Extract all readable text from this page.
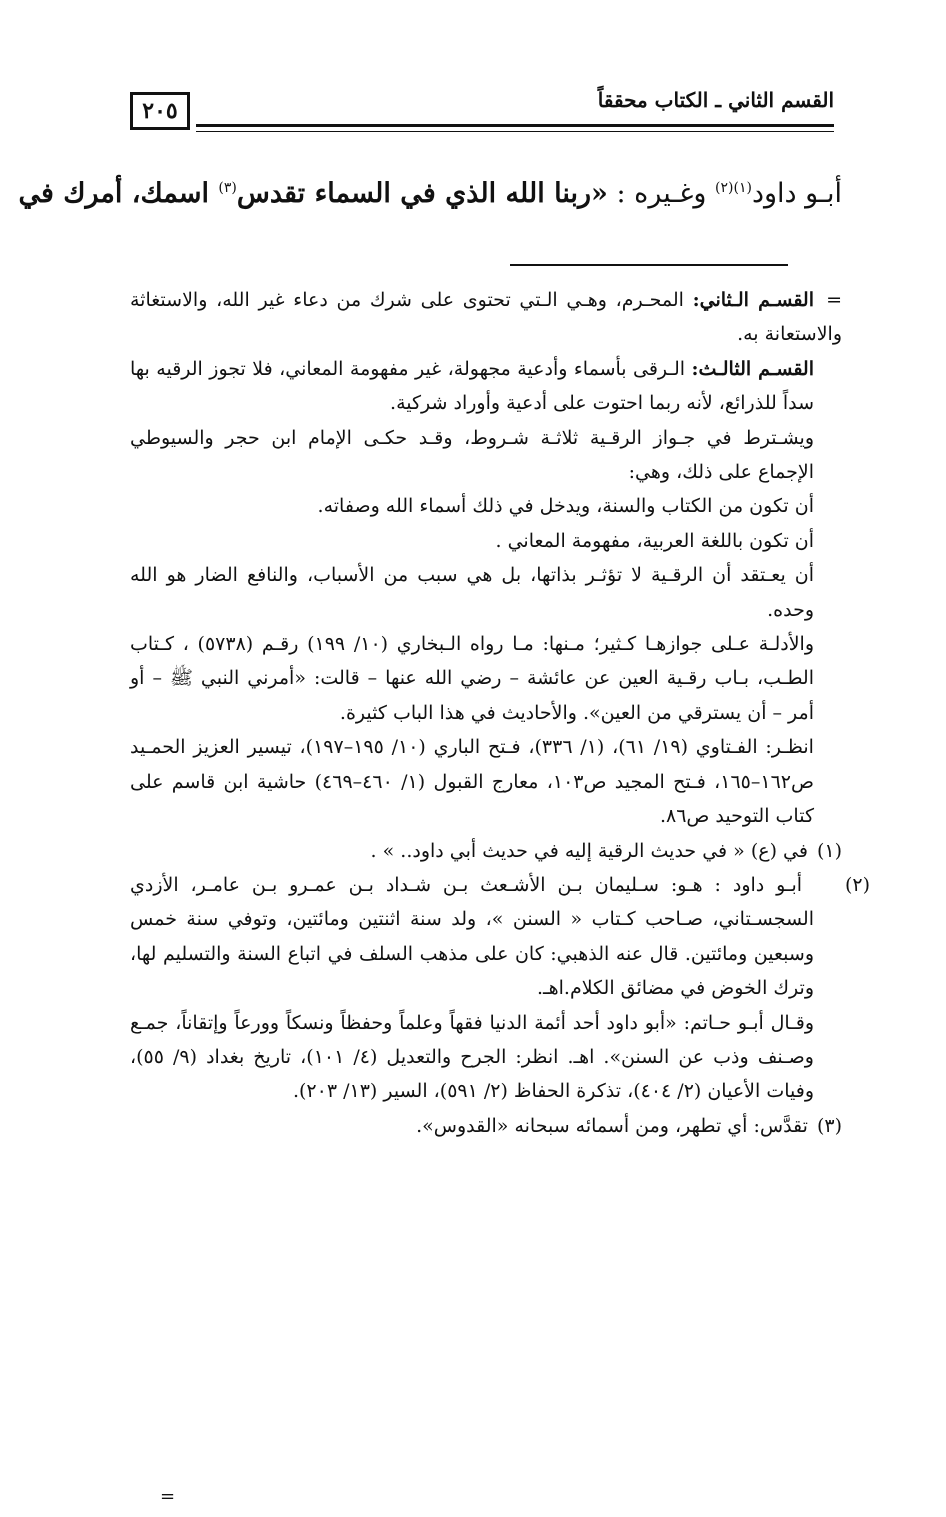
٢٠٥	القسم الثاني ـ الكتاب محققاً
أبـو داود$^{(١)(٢)}$ وغـيره : «ربنا الله الذي في السماء تقدس$^{(٣)}$ اسمك، أمرك في

=القسـم الـثاني: المحـرم، وهـي الـتي تحتوى على شرك من دعاء غير الله، والاستغاثة والاستعانة به.

القسـم الثالـث: الـرقى بأسماء وأدعية مجهولة، غير مفهومة المعاني، فلا تجوز الرقيه بها سداً للذرائع، لأنه ربما احتوت على أدعية وأوراد شركية.

ويشـترط في جـواز الرقـية ثلاثـة شـروط، وقـد حكـى الإمام ابن حجر والسيوطي الإجماع على ذلك، وهي:

أن تكون من الكتاب والسنة، ويدخل في ذلك أسماء الله وصفاته.

أن تكون باللغة العربية، مفهومة المعاني .

أن يعـتقد أن الرقـية لا تؤثـر بذاتها، بل هي سبب من الأسباب، والنافع الضار هو الله وحده.

والأدلـة عـلى جوازهـا كـثير؛ مـنها: مـا رواه الـبخاري (١٠/ ١٩٩) رقـم (٥٧٣٨) ، كـتاب الطـب، بـاب رقـية العين عن عائشة – رضي الله عنها – قالت: «أمرني النبي ﷺ – أو أمر – أن يسترقي من العين». والأحاديث في هذا الباب كثيرة.

انظـر: الفـتاوي (١٩/ ٦١)، (١/ ٣٣٦)، فـتح الباري (١٠/ ١٩٥–١٩٧)، تيسير العزيز الحمـيد ص١٦٢–١٦٥، فـتح المجيد ص١٠٣، معارج القبول (١/ ٤٦٠–٤٦٩) حاشية ابن قاسم على كتاب التوحيد ص٨٦.

(١) في (ع) « في حديث الرقية إليه في حديث أبي داود.. » .

(٢) أبـو داود : هـو: سـليمان بـن الأشـعث بـن شـداد بـن عمـرو بـن عامـر، الأزدي السجسـتاني، صـاحب كـتاب « السنن »، ولد سنة اثنتين ومائتين، وتوفي سنة خمس وسبعين ومائتين. قال عنه الذهبي: كان على مذهب السلف في اتباع السنة والتسليم لها، وترك الخوض في مضائق الكلام.اهـ.

وقـال أبـو حـاتم: «أبو داود أحد أئمة الدنيا فقهاً وعلماً وحفظاً ونسكاً وورعاً وإتقاناً، جمـع وصـنف وذب عن السنن». اهـ. انظر: الجرح والتعديل (٤/ ١٠١)، تاريخ بغداد (٩/ ٥٥)، وفيات الأعيان (٢/ ٤٠٤)، تذكرة الحفاظ (٢/ ٥٩١)، السير (١٣/ ٢٠٣).

(٣) تقدَّس: أي تطهر، ومن أسمائه سبحانه «القدوس».

=
